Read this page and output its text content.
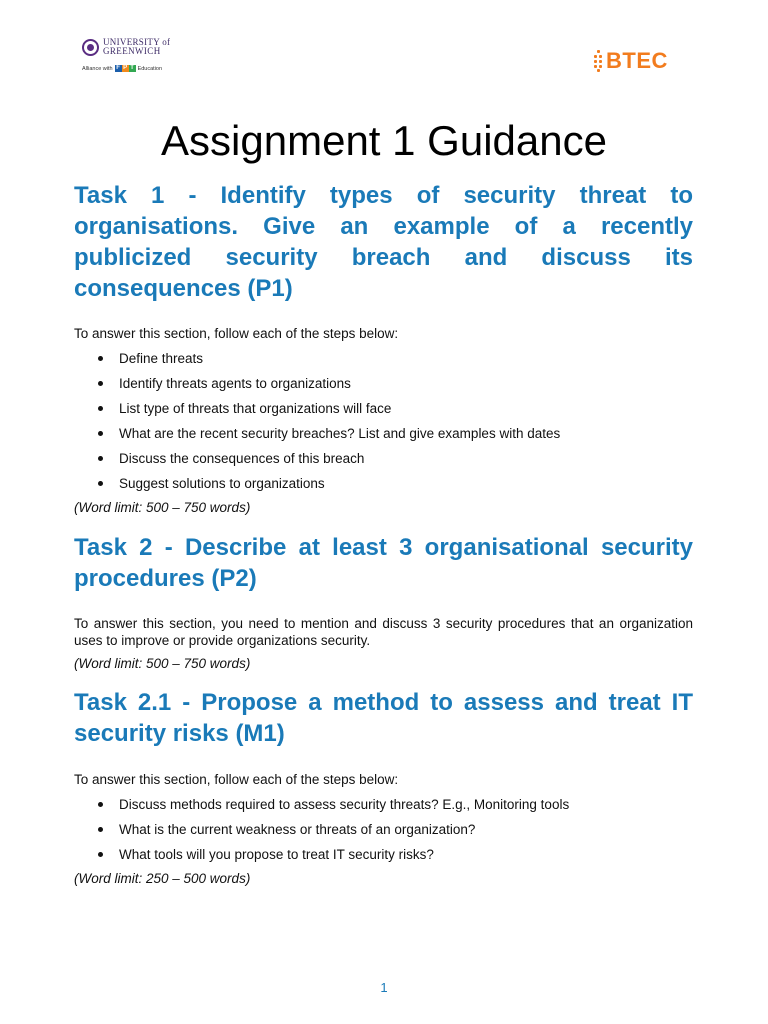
UNIVERSITY of
GREENWICH
Alliance with F P T Education	BTEC
Assignment 1 Guidance
Task 1 - Identify types of security threat to organisations. Give an example of a recently publicized security breach and discuss its consequences (P1)

To answer this section, follow each of the steps below:

Define threats
Identify threats agents to organizations
List type of threats that organizations will face
What are the recent security breaches? List and give examples with dates
Discuss the consequences of this breach
Suggest solutions to organizations

(Word limit: 500 – 750 words)

Task 2 - Describe at least 3 organisational security procedures (P2)

To answer this section, you need to mention and discuss 3 security procedures that an organization uses to improve or provide organizations security.

(Word limit: 500 – 750 words)

Task 2.1 - Propose a method to assess and treat IT security risks (M1)

To answer this section, follow each of the steps below:

Discuss methods required to assess security threats? E.g., Monitoring tools
What is the current weakness or threats of an organization?
What tools will you propose to treat IT security risks?

(Word limit: 250 – 500 words)

1
